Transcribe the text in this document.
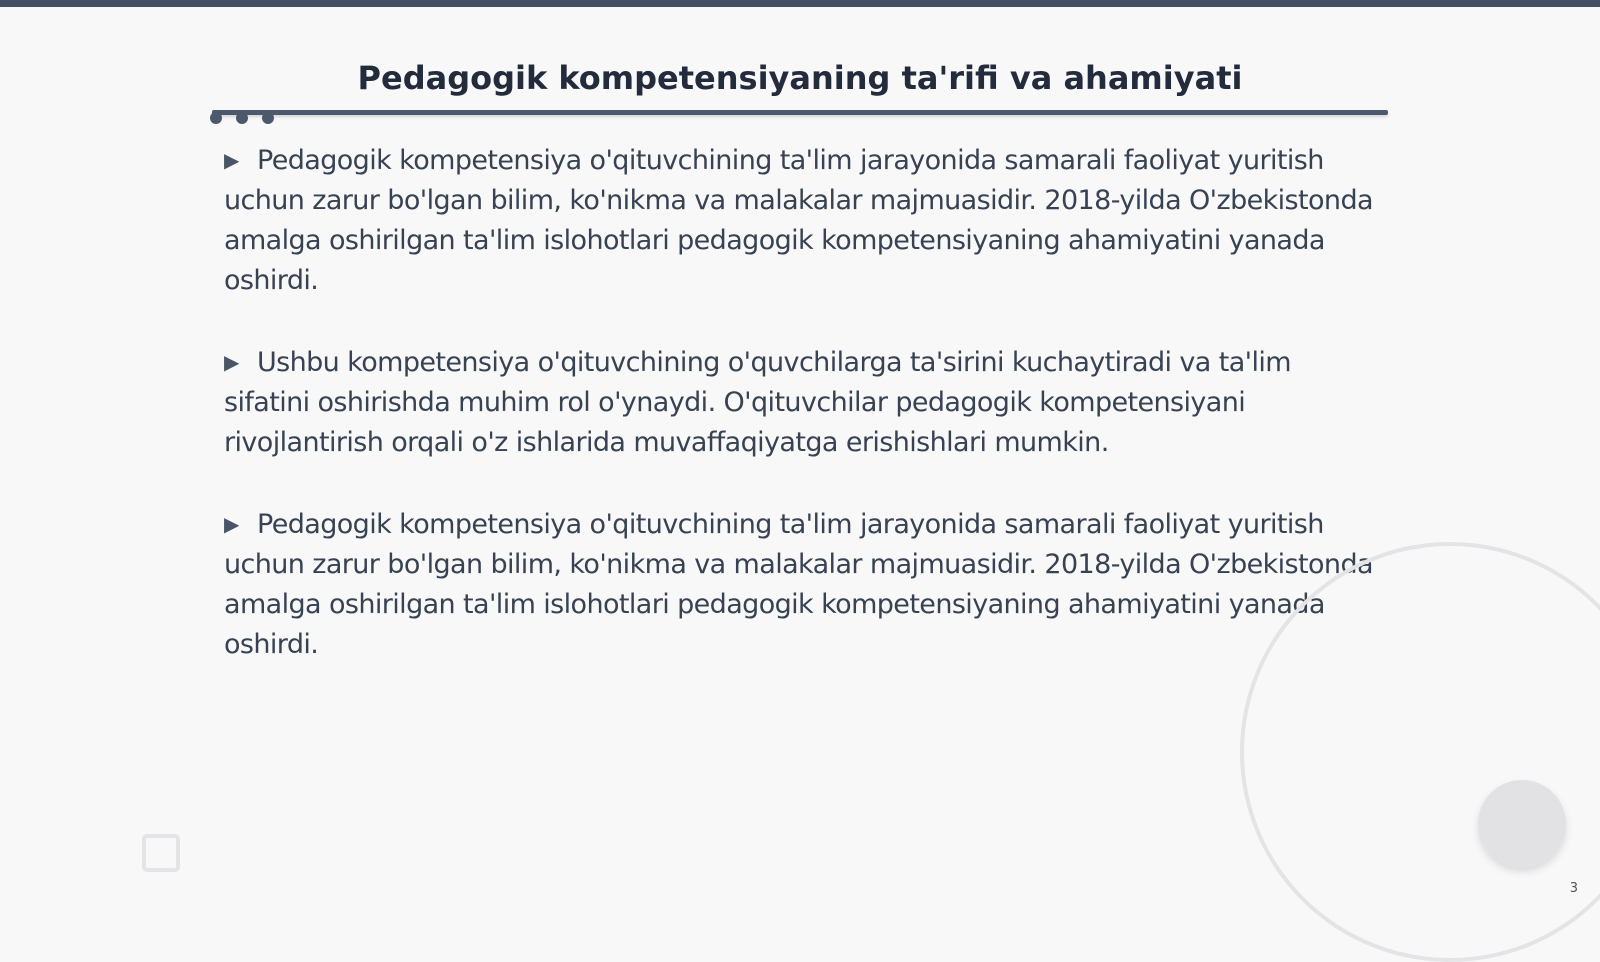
Pedagogik kompetensiyaning ta'rifi va ahamiyati

▶ Pedagogik kompetensiya o'qituvchining ta'lim jarayonida samarali faoliyat yuritish uchun zarur bo'lgan bilim, ko'nikma va malakalar majmuasidir. 2018-yilda O'zbekistonda amalga oshirilgan ta'lim islohotlari pedagogik kompetensiyaning ahamiyatini yanada oshirdi.

▶ Ushbu kompetensiya o'qituvchining o'quvchilarga ta'sirini kuchaytiradi va ta'lim sifatini oshirishda muhim rol o'ynaydi. O'qituvchilar pedagogik kompetensiyani rivojlantirish orqali o'z ishlarida muvaffaqiyatga erishishlari mumkin.

▶ Pedagogik kompetensiya o'qituvchining ta'lim jarayonida samarali faoliyat yuritish uchun zarur bo'lgan bilim, ko'nikma va malakalar majmuasidir. 2018-yilda O'zbekistonda amalga oshirilgan ta'lim islohotlari pedagogik kompetensiyaning ahamiyatini yanada oshirdi.

3
